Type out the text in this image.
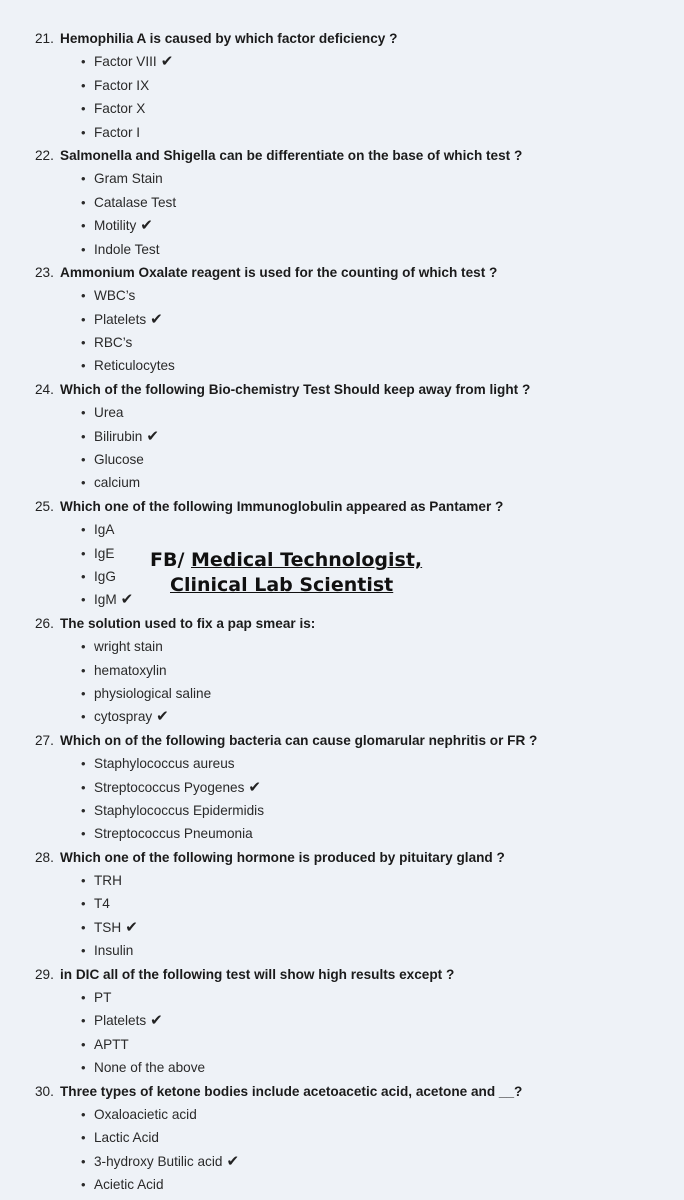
21. Hemophilia A is caused by which factor deficiency ?
• Factor VIII ✔
• Factor IX
• Factor X
• Factor I
22. Salmonella and Shigella can be differentiate on the base of which test ?
• Gram Stain
• Catalase Test
• Motility ✔
• Indole Test
23. Ammonium Oxalate reagent is used for the counting of which test ?
• WBC’s
• Platelets ✔
• RBC’s
• Reticulocytes
24. Which of the following Bio-chemistry Test Should keep away from light ?
• Urea
• Bilirubin ✔
• Glucose
• calcium
25. Which one of the following Immunoglobulin appeared as Pantamer ?
• IgA
• IgE
• IgG
• IgM ✔
26. The solution used to fix a pap smear is:
• wright stain
• hematoxylin
• physiological saline
• cytospray ✔
27. Which on of the following bacteria can cause glomarular nephritis or FR ?
• Staphylococcus aureus
• Streptococcus Pyogenes ✔
• Staphylococcus Epidermidis
• Streptococcus Pneumonia
28. Which one of the following hormone is produced by pituitary gland ?
• TRH
• T4
• TSH ✔
• Insulin
29. in DIC all of the following test will show high results except ?
• PT
• Platelets ✔
• APTT
• None of the above
30. Three types of ketone bodies include acetoacetic acid, acetone and __?
• Oxaloacietic acid
• Lactic Acid
• 3-hydroxy Butilic acid ✔
• Acietic Acid
FB/ Medical Technologist,
Clinical Lab Scientist
